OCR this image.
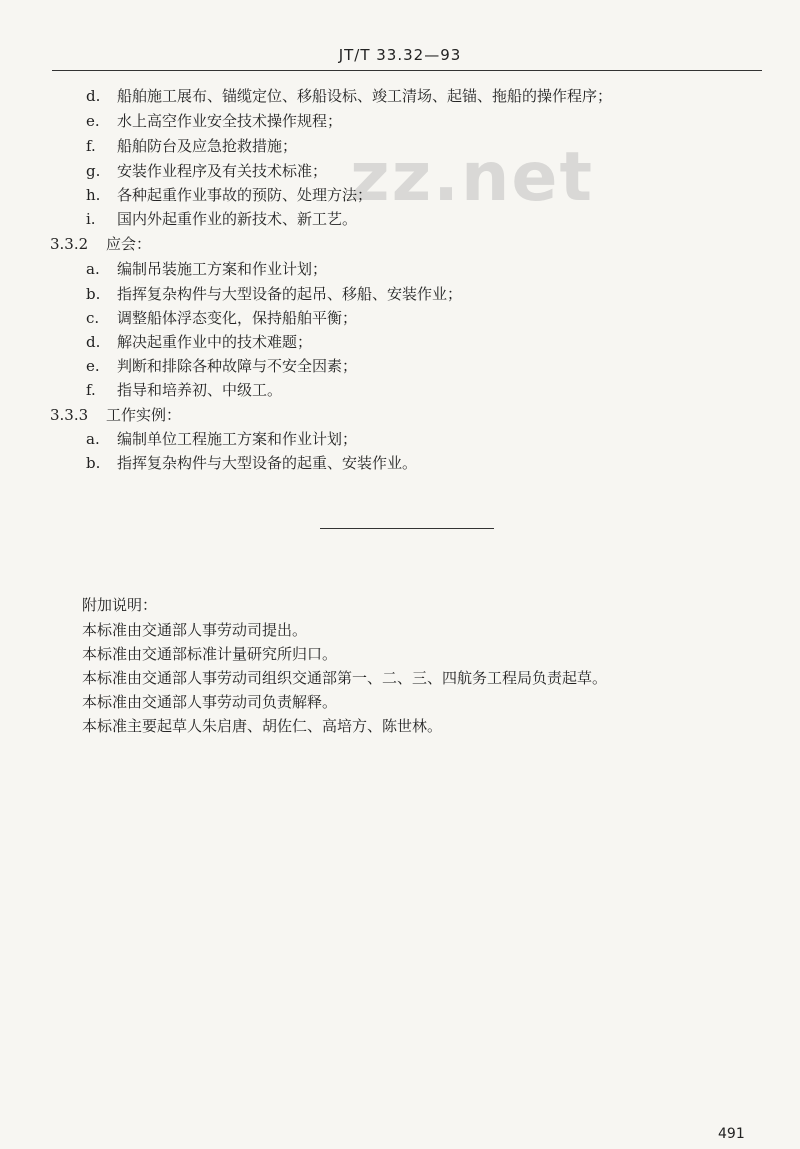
JT/T 33.32—93
zz.net
d.	船舶施工展布、锚缆定位、移船设标、竣工清场、起锚、拖船的操作程序；
e.	水上高空作业安全技术操作规程；
f.	船舶防台及应急抢救措施；
g.	安装作业程序及有关技术标准；
h.	各种起重作业事故的预防、处理方法；
i.	国内外起重作业的新技术、新工艺。
3.3.2 应会：
a.	编制吊装施工方案和作业计划；
b.	指挥复杂构件与大型设备的起吊、移船、安装作业；
c.	调整船体浮态变化，保持船舶平衡；
d.	解决起重作业中的技术难题；
e.	判断和排除各种故障与不安全因素；
f.	指导和培养初、中级工。
3.3.3 工作实例：
a.	编制单位工程施工方案和作业计划；
b.	指挥复杂构件与大型设备的起重、安装作业。
附加说明：
本标准由交通部人事劳动司提出。
本标准由交通部标准计量研究所归口。
本标准由交通部人事劳动司组织交通部第一、二、三、四航务工程局负责起草。
本标准由交通部人事劳动司负责解释。
本标准主要起草人朱启唐、胡佐仁、高培方、陈世林。
491
